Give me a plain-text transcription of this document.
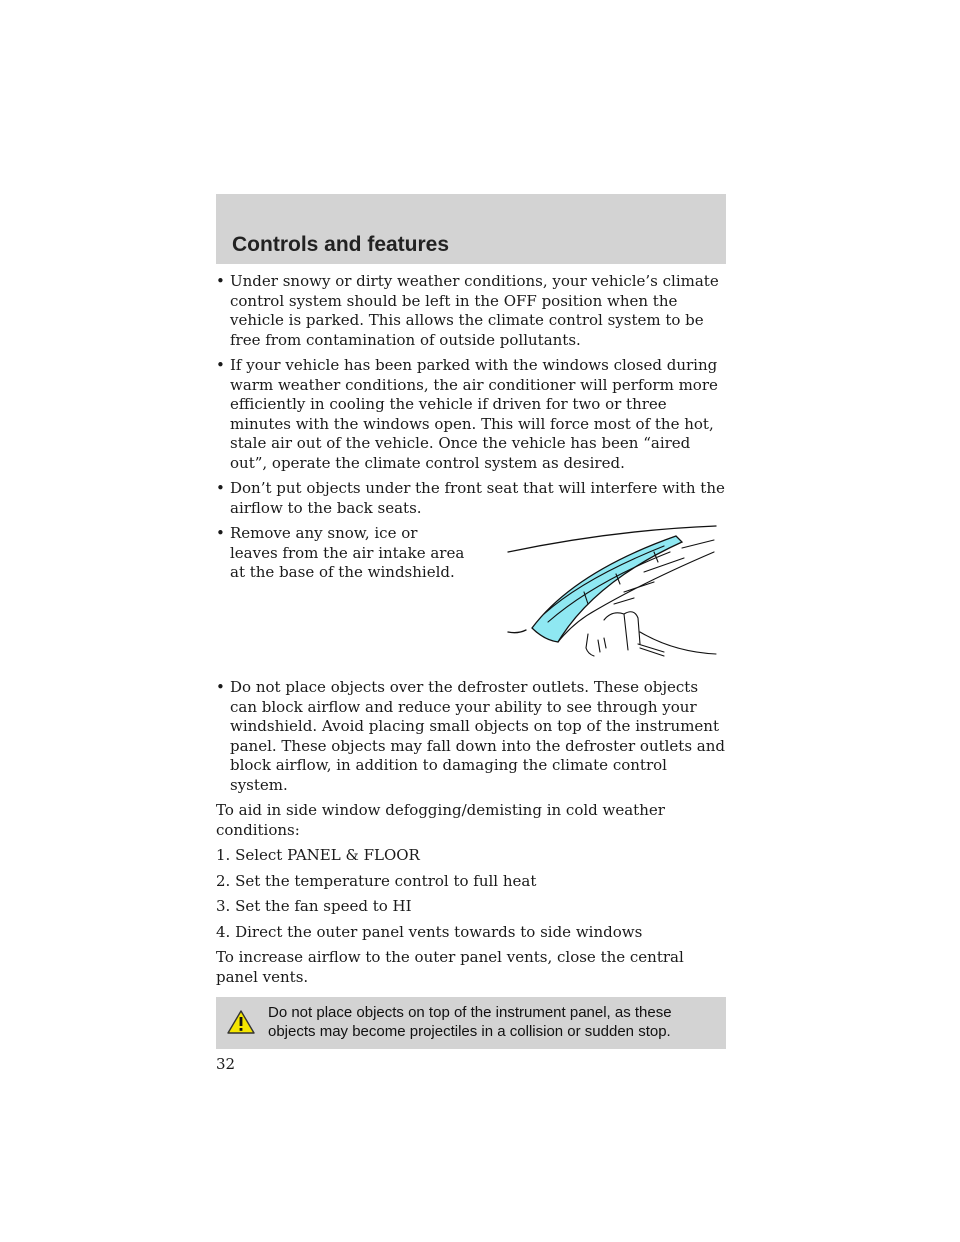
Controls and features

• Under snowy or dirty weather conditions, your vehicle’s climate control system should be left in the OFF position when the vehicle is parked. This allows the climate control system to be free from contamination of outside pollutants.

• If your vehicle has been parked with the windows closed during warm weather conditions, the air conditioner will perform more efficiently in cooling the vehicle if driven for two or three minutes with the windows open. This will force most of the hot, stale air out of the vehicle. Once the vehicle has been “aired out”, operate the climate control system as desired.

• Don’t put objects under the front seat that will interfere with the airflow to the back seats.

• Remove any snow, ice or leaves from the air intake area at the base of the windshield.

• Do not place objects over the defroster outlets. These objects can block airflow and reduce your ability to see through your windshield. Avoid placing small objects on top of the instrument panel. These objects may fall down into the defroster outlets and block airflow, in addition to damaging the climate control system.

To aid in side window defogging/demisting in cold weather conditions:

1. Select PANEL & FLOOR

2. Set the temperature control to full heat

3. Set the fan speed to HI

4. Direct the outer panel vents towards to side windows

To increase airflow to the outer panel vents, close the central panel vents.

Do not place objects on top of the instrument panel, as these objects may become projectiles in a collision or sudden stop.
32
